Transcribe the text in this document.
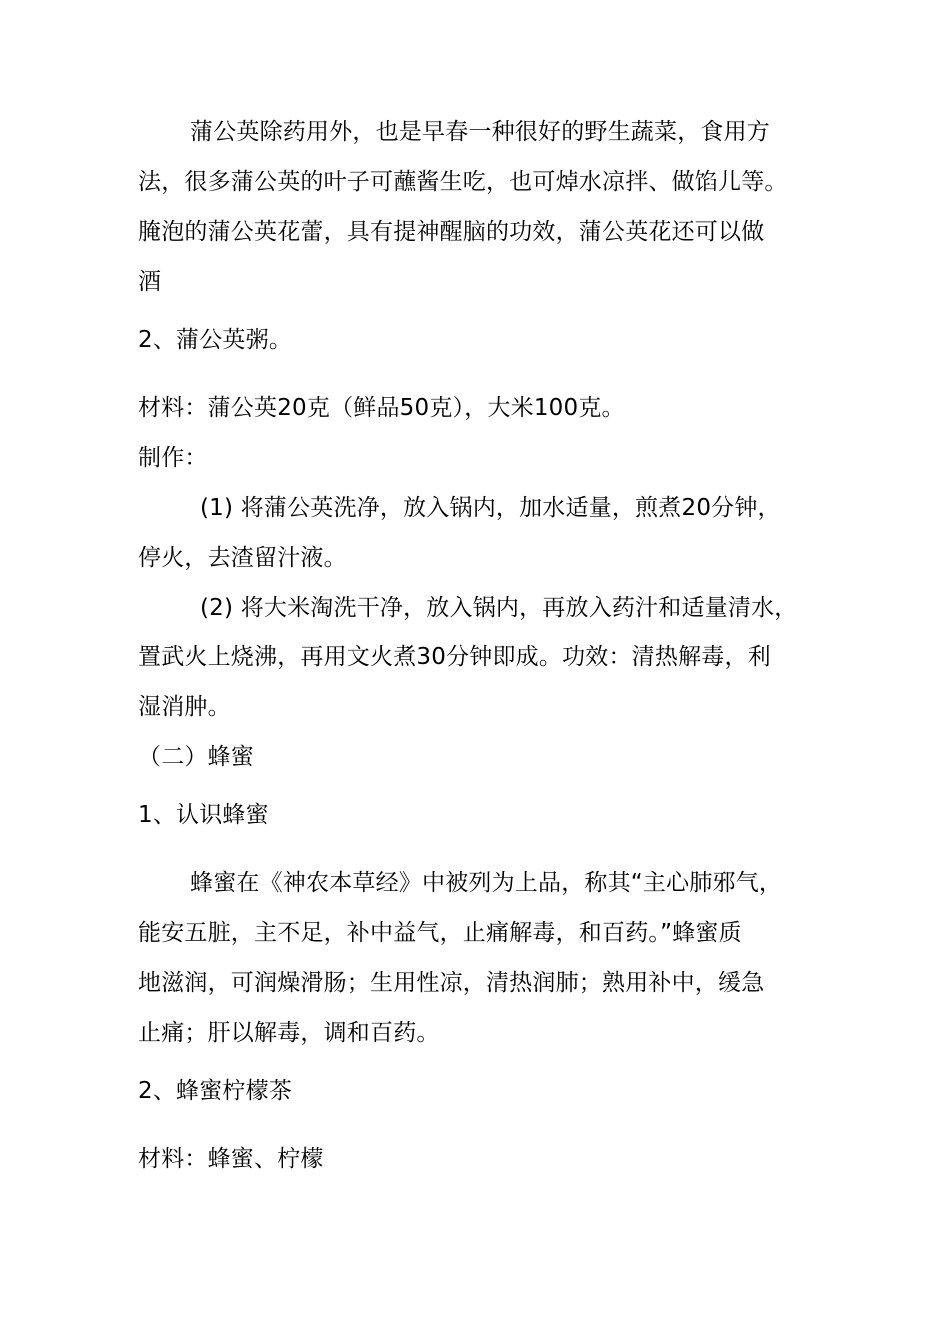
蒲公英除药用外，也是早春一种很好的野生蔬菜，食用方
法，很多蒲公英的叶子可蘸酱生吃，也可焯水凉拌、做馅儿等。
腌泡的蒲公英花蕾，具有提神醒脑的功效，蒲公英花还可以做
酒
2、蒲公英粥。
材料：蒲公英20克（鲜品50克），大米100克。
制作：
(1) 将蒲公英洗净，放入锅内，加水适量，煎煮20分钟，
停火，去渣留汁液。
(2) 将大米淘洗干净，放入锅内，再放入药汁和适量清水，
置武火上烧沸，再用文火煮30分钟即成。功效：清热解毒，利
湿消肿。
（二）蜂蜜
1、认识蜂蜜
蜂蜜在《神农本草经》中被列为上品，称其“主心肺邪气，
能安五脏，主不足，补中益气，止痛解毒，和百药。”蜂蜜质
地滋润，可润燥滑肠；生用性凉，清热润肺；熟用补中，缓急
止痛；肝以解毒，调和百药。
2、蜂蜜柠檬茶
材料：蜂蜜、柠檬
